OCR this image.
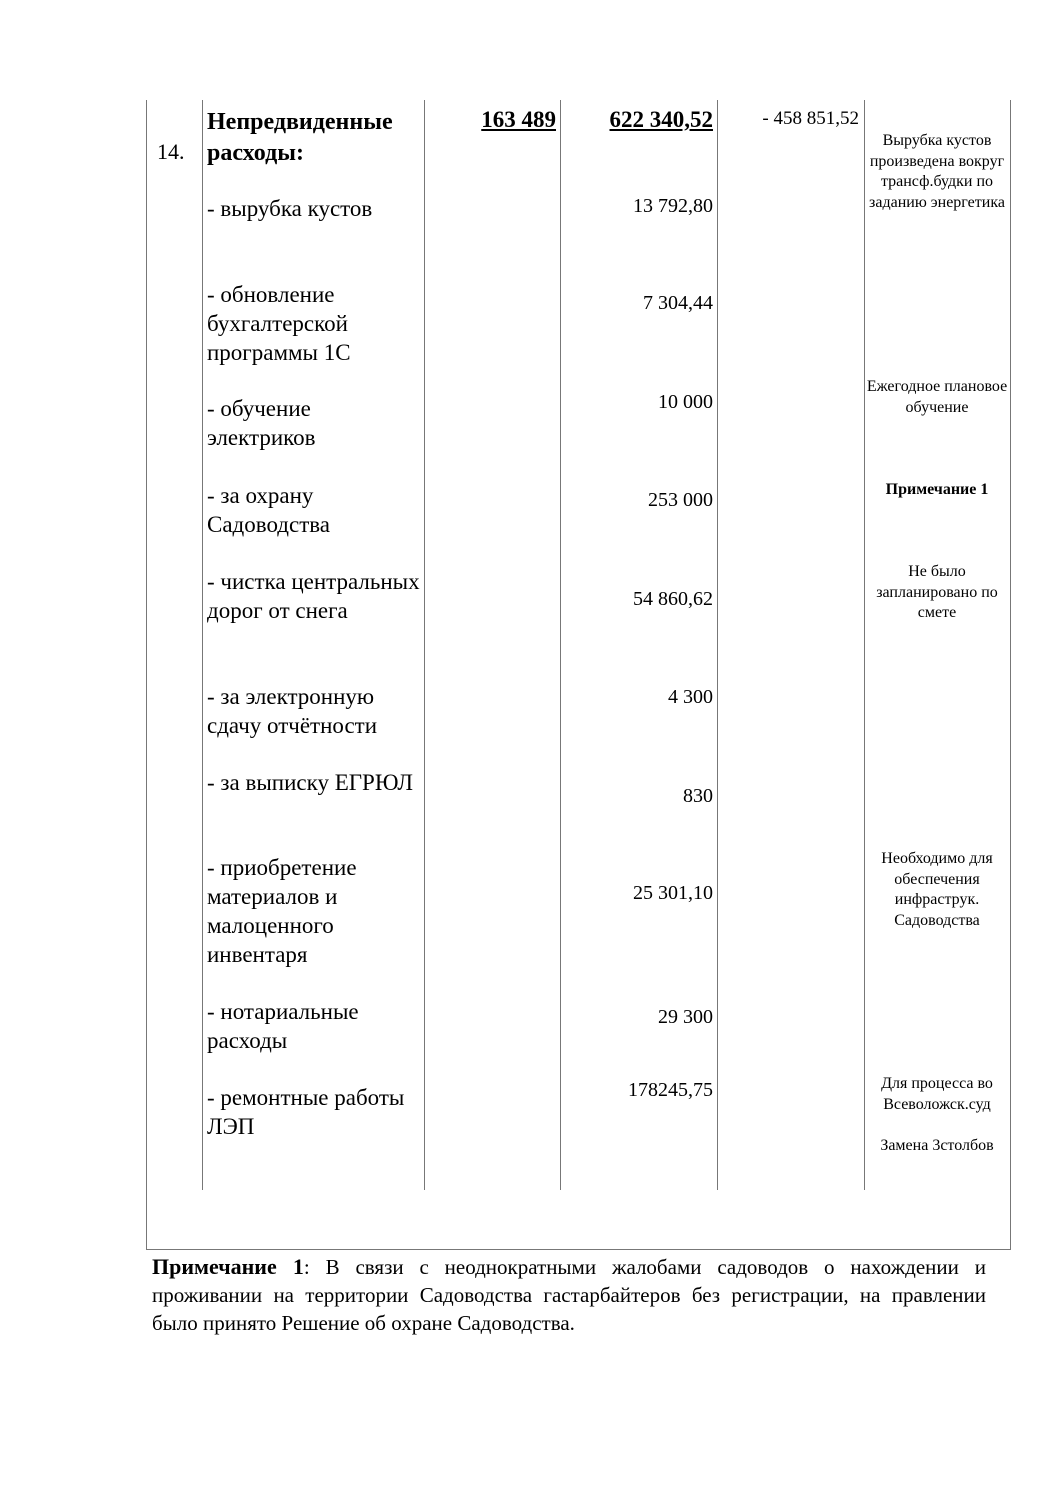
14.
Непредвиденные расходы:
163 489	622 340,52	- 458 851,52
- вырубка кустов
- обновление бухгалтерской программы 1С
- обучение электриков
- за охрану Садоводства
- чистка центральных дорог от снега
- за электронную сдачу отчётности
- за выписку ЕГРЮЛ
- приобретение материалов и малоценного инвентаря
- нотариальные расходы
- ремонтные работы ЛЭП
13 792,80
7 304,44
10 000
253 000
54 860,62
4 300
830
25 301,10
29 300
178245,75
Вырубка кустов произведена вокруг трансф.будки по заданию энергетика
Ежегодное плановое обучение
Примечание 1
Не было запланировано по смете
Необходимо для обеспечения инфраструк. Садоводства
Для процесса во Всеволожск.суд
Замена 3столбов
Примечание 1: В связи с неоднократными жалобами садоводов о нахождении и проживании на территории Садоводства гастарбайтеров без регистрации, на правлении было принято Решение об охране Садоводства.
